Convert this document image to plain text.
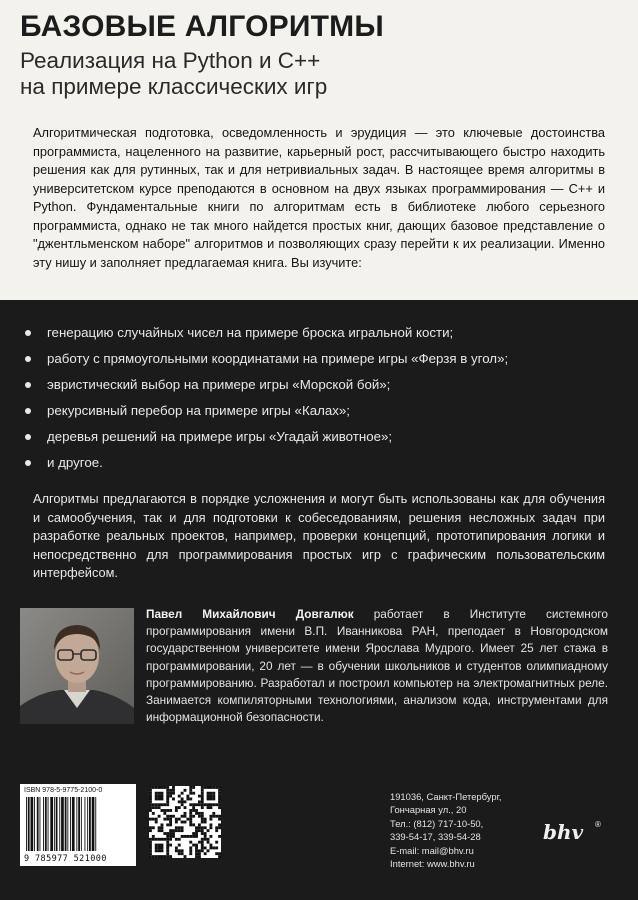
БАЗОВЫЕ АЛГОРИТМЫ
Реализация на Python и C++
на примере классических игр
Алгоритмическая подготовка, осведомленность и эрудиция — это ключевые достоинства программиста, нацеленного на развитие, карьерный рост, рассчитывающего быстро находить решения как для рутинных, так и для нетривиальных задач. В настоящее время алгоритмы в университетском курсе преподаются в основном на двух языках программирования — C++ и Python. Фундаментальные книги по алгоритмам есть в библиотеке любого серьезного программиста, однако не так много найдется простых книг, дающих базовое представление о "джентльменском наборе" алгоритмов и позволяющих сразу перейти к их реализации. Именно эту нишу и заполняет предлагаемая книга. Вы изучите:
генерацию случайных чисел на примере броска игральной кости;
работу с прямоугольными координатами на примере игры «Ферзя в угол»;
эвристический выбор на примере игры «Морской бой»;
рекурсивный перебор на примере игры «Калах»;
деревья решений на примере игры «Угадай животное»;
и другое.
Алгоритмы предлагаются в порядке усложнения и могут быть использованы как для обучения и самообучения, так и для подготовки к собеседованиям, решения несложных задач при разработке реальных проектов, например, проверки концепций, прототипирования логики и непосредственно для программирования простых игр с графическим пользовательским интерфейсом.
Павел Михайлович Довгалюк работает в Институте системного программирования имени В.П. Иванникова РАН, преподает в Новгородском государственном университете имени Ярослава Мудрого. Имеет 25 лет стажа в программировании, 20 лет — в обучении школьников и студентов олимпиадному программированию. Разработал и построил компьютер на электромагнитных реле. Занимается компиляторными технологиями, анализом кода, инструментами для информационной безопасности.
ISBN 978-5-9775-2100-0
9 785977 521000
191036, Санкт-Петербург,
Гончарная ул., 20
Тел.: (812) 717-10-50,
339-54-17, 339-54-28
E-mail: mail@bhv.ru
Internet: www.bhv.ru
bhv ®
